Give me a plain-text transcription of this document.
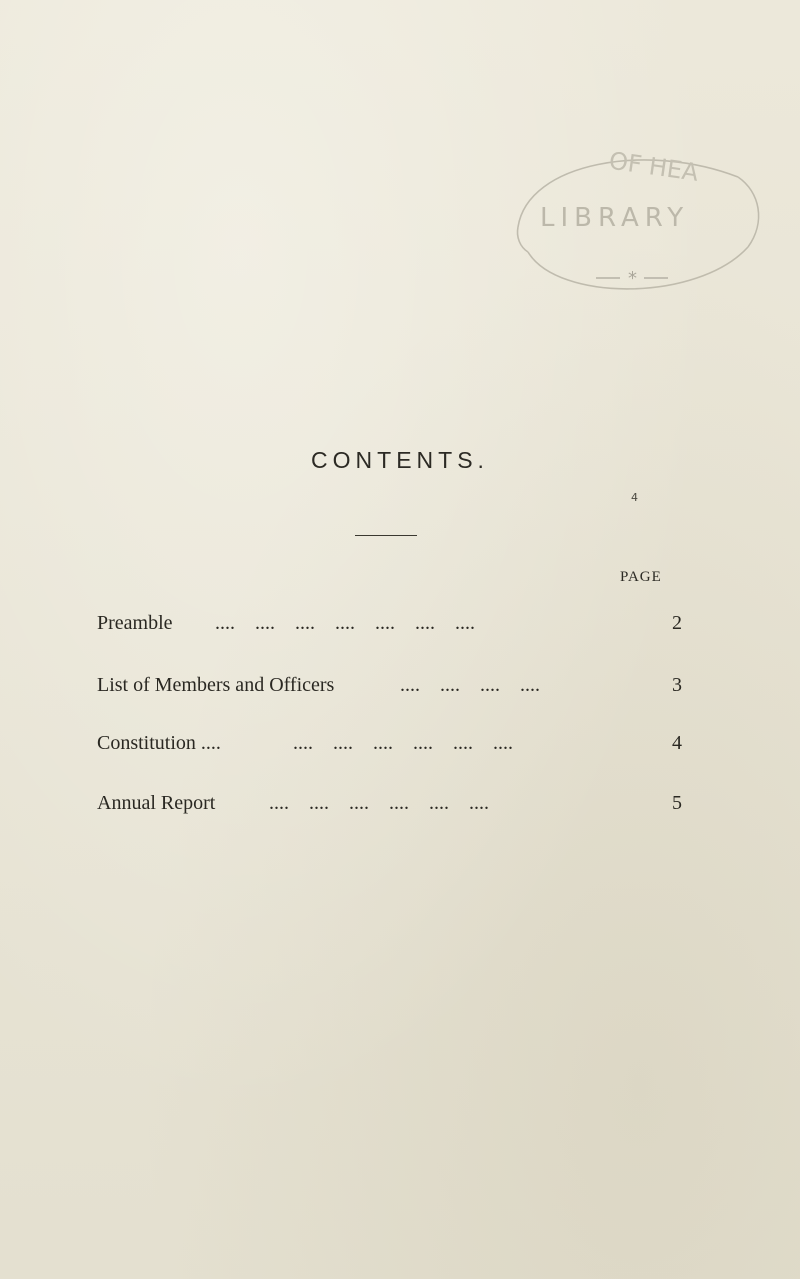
OF HEA
LIBRARY
*
CONTENTS.
4
PAGE
Preamble ....    ....    ....    ....    ....    ....    ....	2
List of Members and Officers	....    ....    ....    ....	3
Constitution ....	....    ....    ....    ....    ....    ....	4
Annual Report	....    ....    ....    ....    ....    ....	5
